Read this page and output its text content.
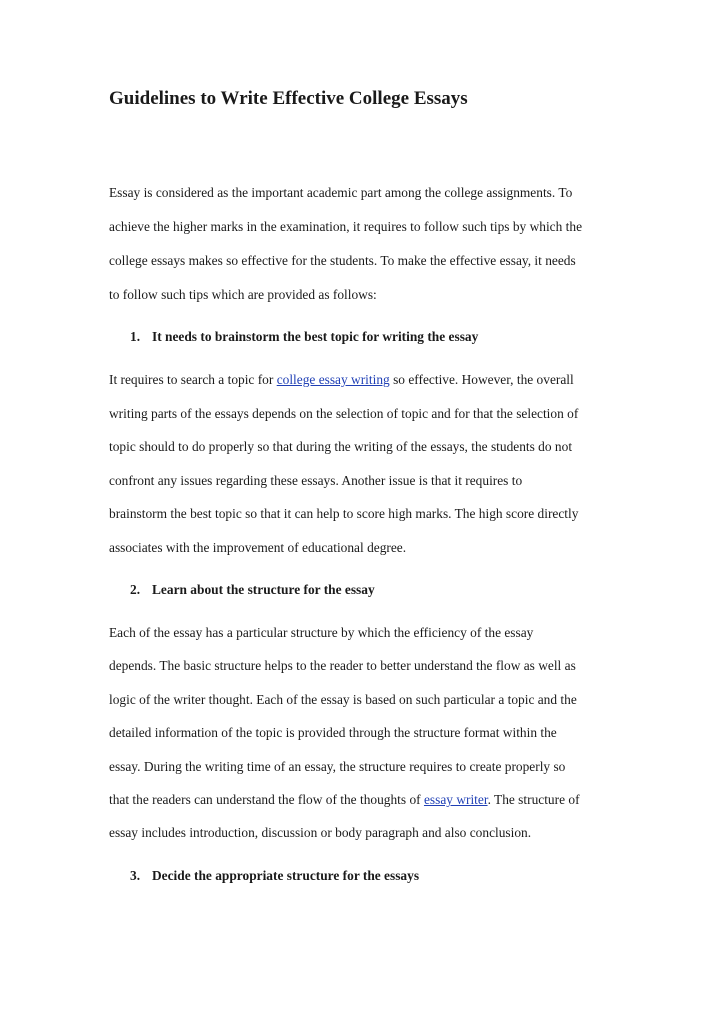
Guidelines to Write Effective College Essays
Essay is considered as the important academic part among the college assignments. To
achieve the higher marks in the examination, it requires to follow such tips by which the
college essays makes so effective for the students. To make the effective essay, it needs
to follow such tips which are provided as follows:
1. It needs to brainstorm the best topic for writing the essay
It requires to search a topic for college essay writing so effective. However, the overall
writing parts of the essays depends on the selection of topic and for that the selection of
topic should to do properly so that during the writing of the essays, the students do not
confront any issues regarding these essays. Another issue is that it requires to
brainstorm the best topic so that it can help to score high marks. The high score directly
associates with the improvement of educational degree.
2. Learn about the structure for the essay
Each of the essay has a particular structure by which the efficiency of the essay
depends. The basic structure helps to the reader to better understand the flow as well as
logic of the writer thought. Each of the essay is based on such particular a topic and the
detailed information of the topic is provided through the structure format within the
essay. During the writing time of an essay, the structure requires to create properly so
that the readers can understand the flow of the thoughts of essay writer. The structure of
essay includes introduction, discussion or body paragraph and also conclusion.
3. Decide the appropriate structure for the essays
